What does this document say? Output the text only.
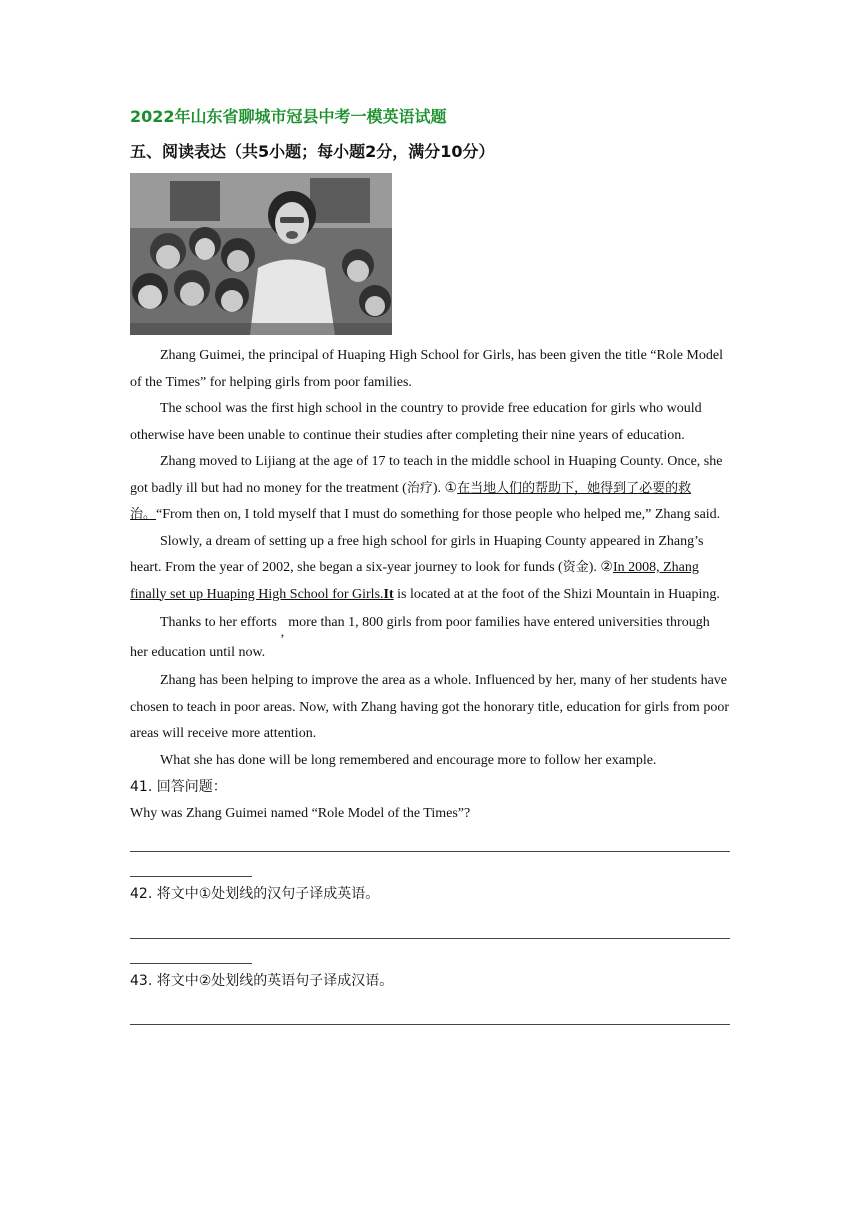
2022年山东省聊城市冠县中考一模英语试题
五、阅读表达（共5小题；每小题2分，满分10分）

Zhang Guimei, the principal of Huaping High School for Girls, has been given the title “Role Model of the Times” for helping girls from poor families.

The school was the first high school in the country to provide free education for girls who would otherwise have been unable to continue their studies after completing their nine years of education.

Zhang moved to Lijiang at the age of 17 to teach in the middle school in Huaping County. Once, she got badly ill but had no money for the treatment (治疗). ①在当地人们的帮助下，她得到了必要的救治。“From then on, I told myself that I must do something for those people who helped me,” Zhang said.

Slowly, a dream of setting up a free high school for girls in Huaping County appeared in Zhang’s heart. From the year of 2002, she began a six-year journey to look for funds (资金). ②In 2008, Zhang finally set up Huaping High School for Girls.It is located at at the foot of the Shizi Mountain in Huaping.

Thanks to her efforts,more than 1, 800 girls from poor families have entered universities through her education until now.

Zhang has been helping to improve the area as a whole. Influenced by her, many of her students have chosen to teach in poor areas. Now, with Zhang having got the honorary title, education for girls from poor areas will receive more attention.

What she has done will be long remembered and encourage more to follow her example.

41. 回答问题：

Why was Zhang Guimei named “Role Model of the Times”?

42. 将文中①处划线的汉句子译成英语。

43. 将文中②处划线的英语句子译成汉语。
